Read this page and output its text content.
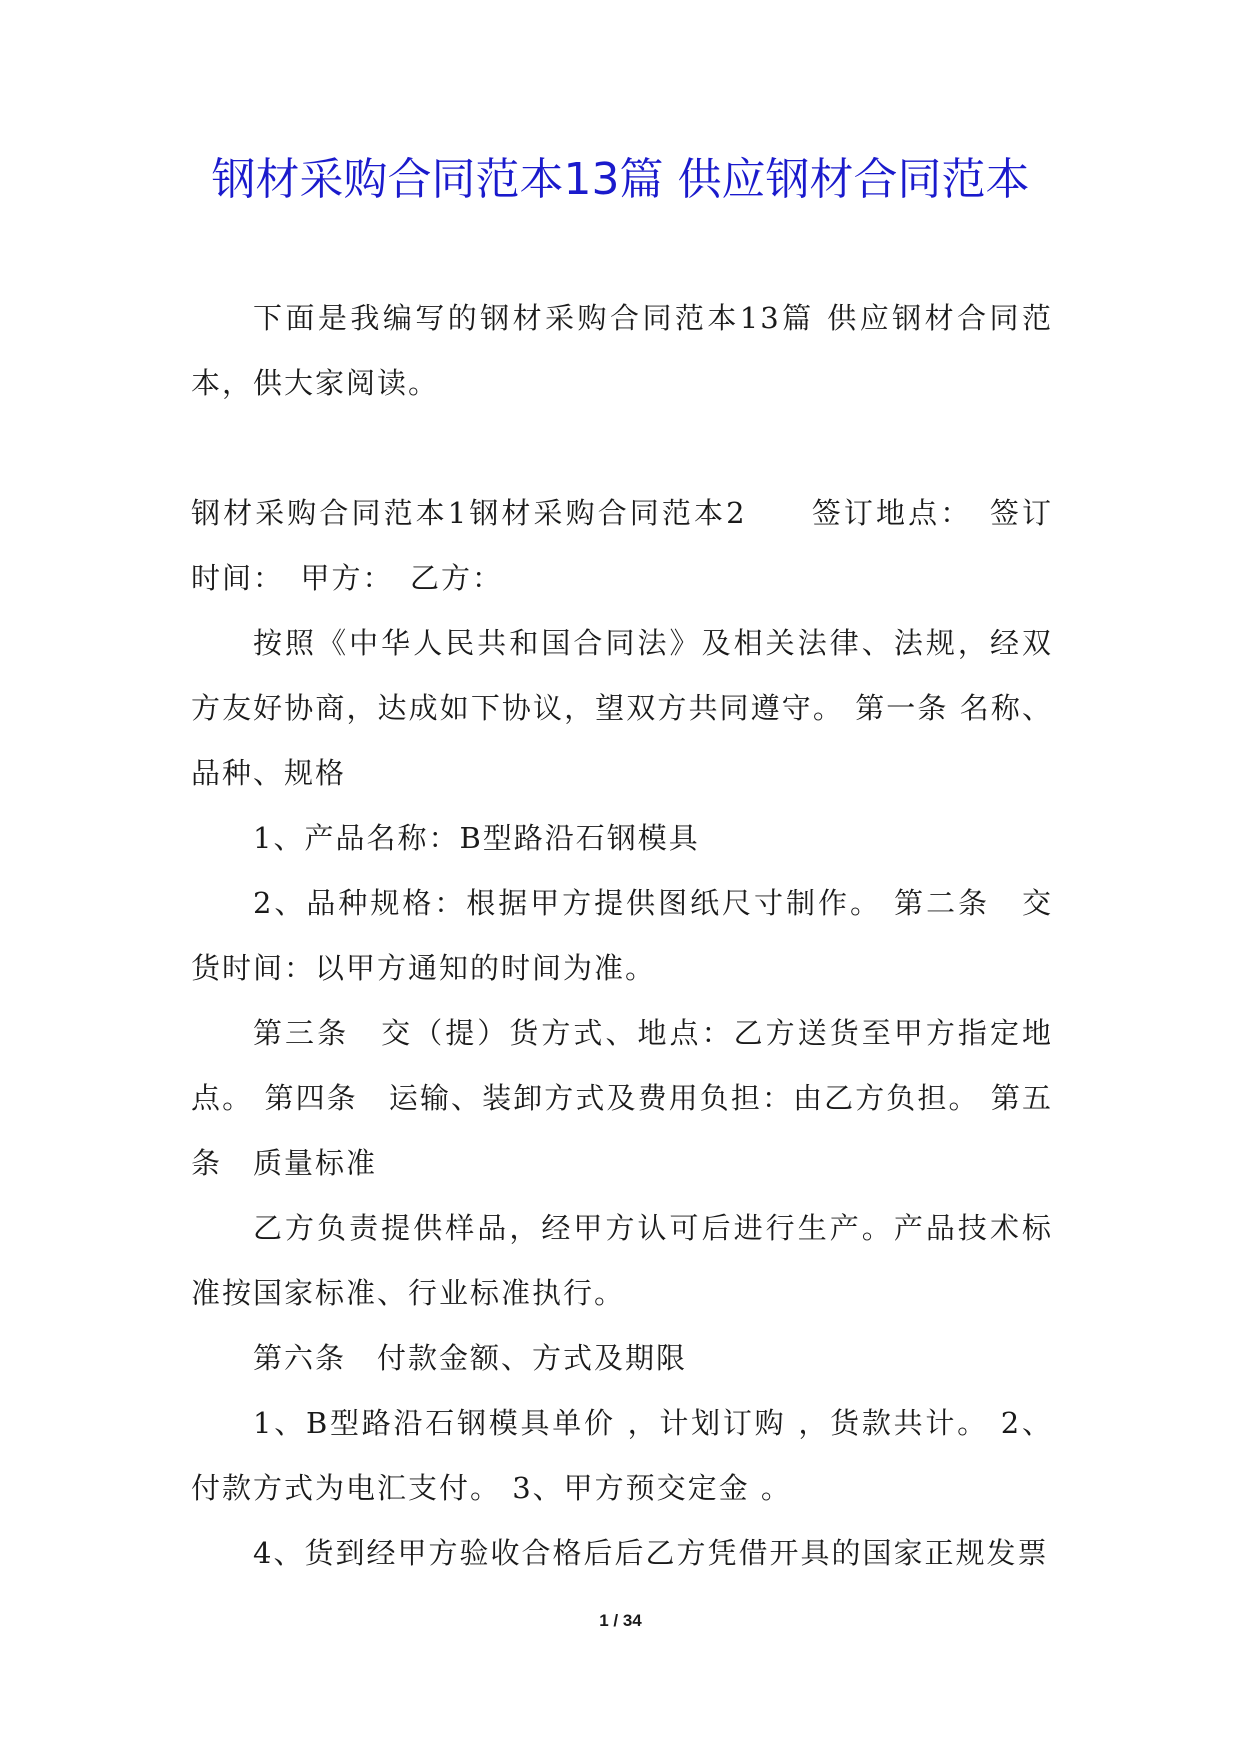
钢材采购合同范本13篇 供应钢材合同范本

下面是我编写的钢材采购合同范本13篇 供应钢材合同范本，供大家阅读。

钢材采购合同范本1钢材采购合同范本2　　签订地点：　签订时间：　甲方：　乙方：

按照《中华人民共和国合同法》及相关法律、法规，经双方友好协商，达成如下协议，望双方共同遵守。 第一条 名称、品种、规格

1、产品名称：B型路沿石钢模具

2、品种规格：根据甲方提供图纸尺寸制作。 第二条　交货时间：以甲方通知的时间为准。

第三条　交（提）货方式、地点：乙方送货至甲方指定地点。 第四条　运输、装卸方式及费用负担：由乙方负担。 第五条　质量标准

乙方负责提供样品，经甲方认可后进行生产。产品技术标准按国家标准、行业标准执行。

第六条　付款金额、方式及期限

1、B型路沿石钢模具单价 ，计划订购 ，货款共计。 2、付款方式为电汇支付。 3、甲方预交定金 。

4、货到经甲方验收合格后后乙方凭借开具的国家正规发票

1 / 34
